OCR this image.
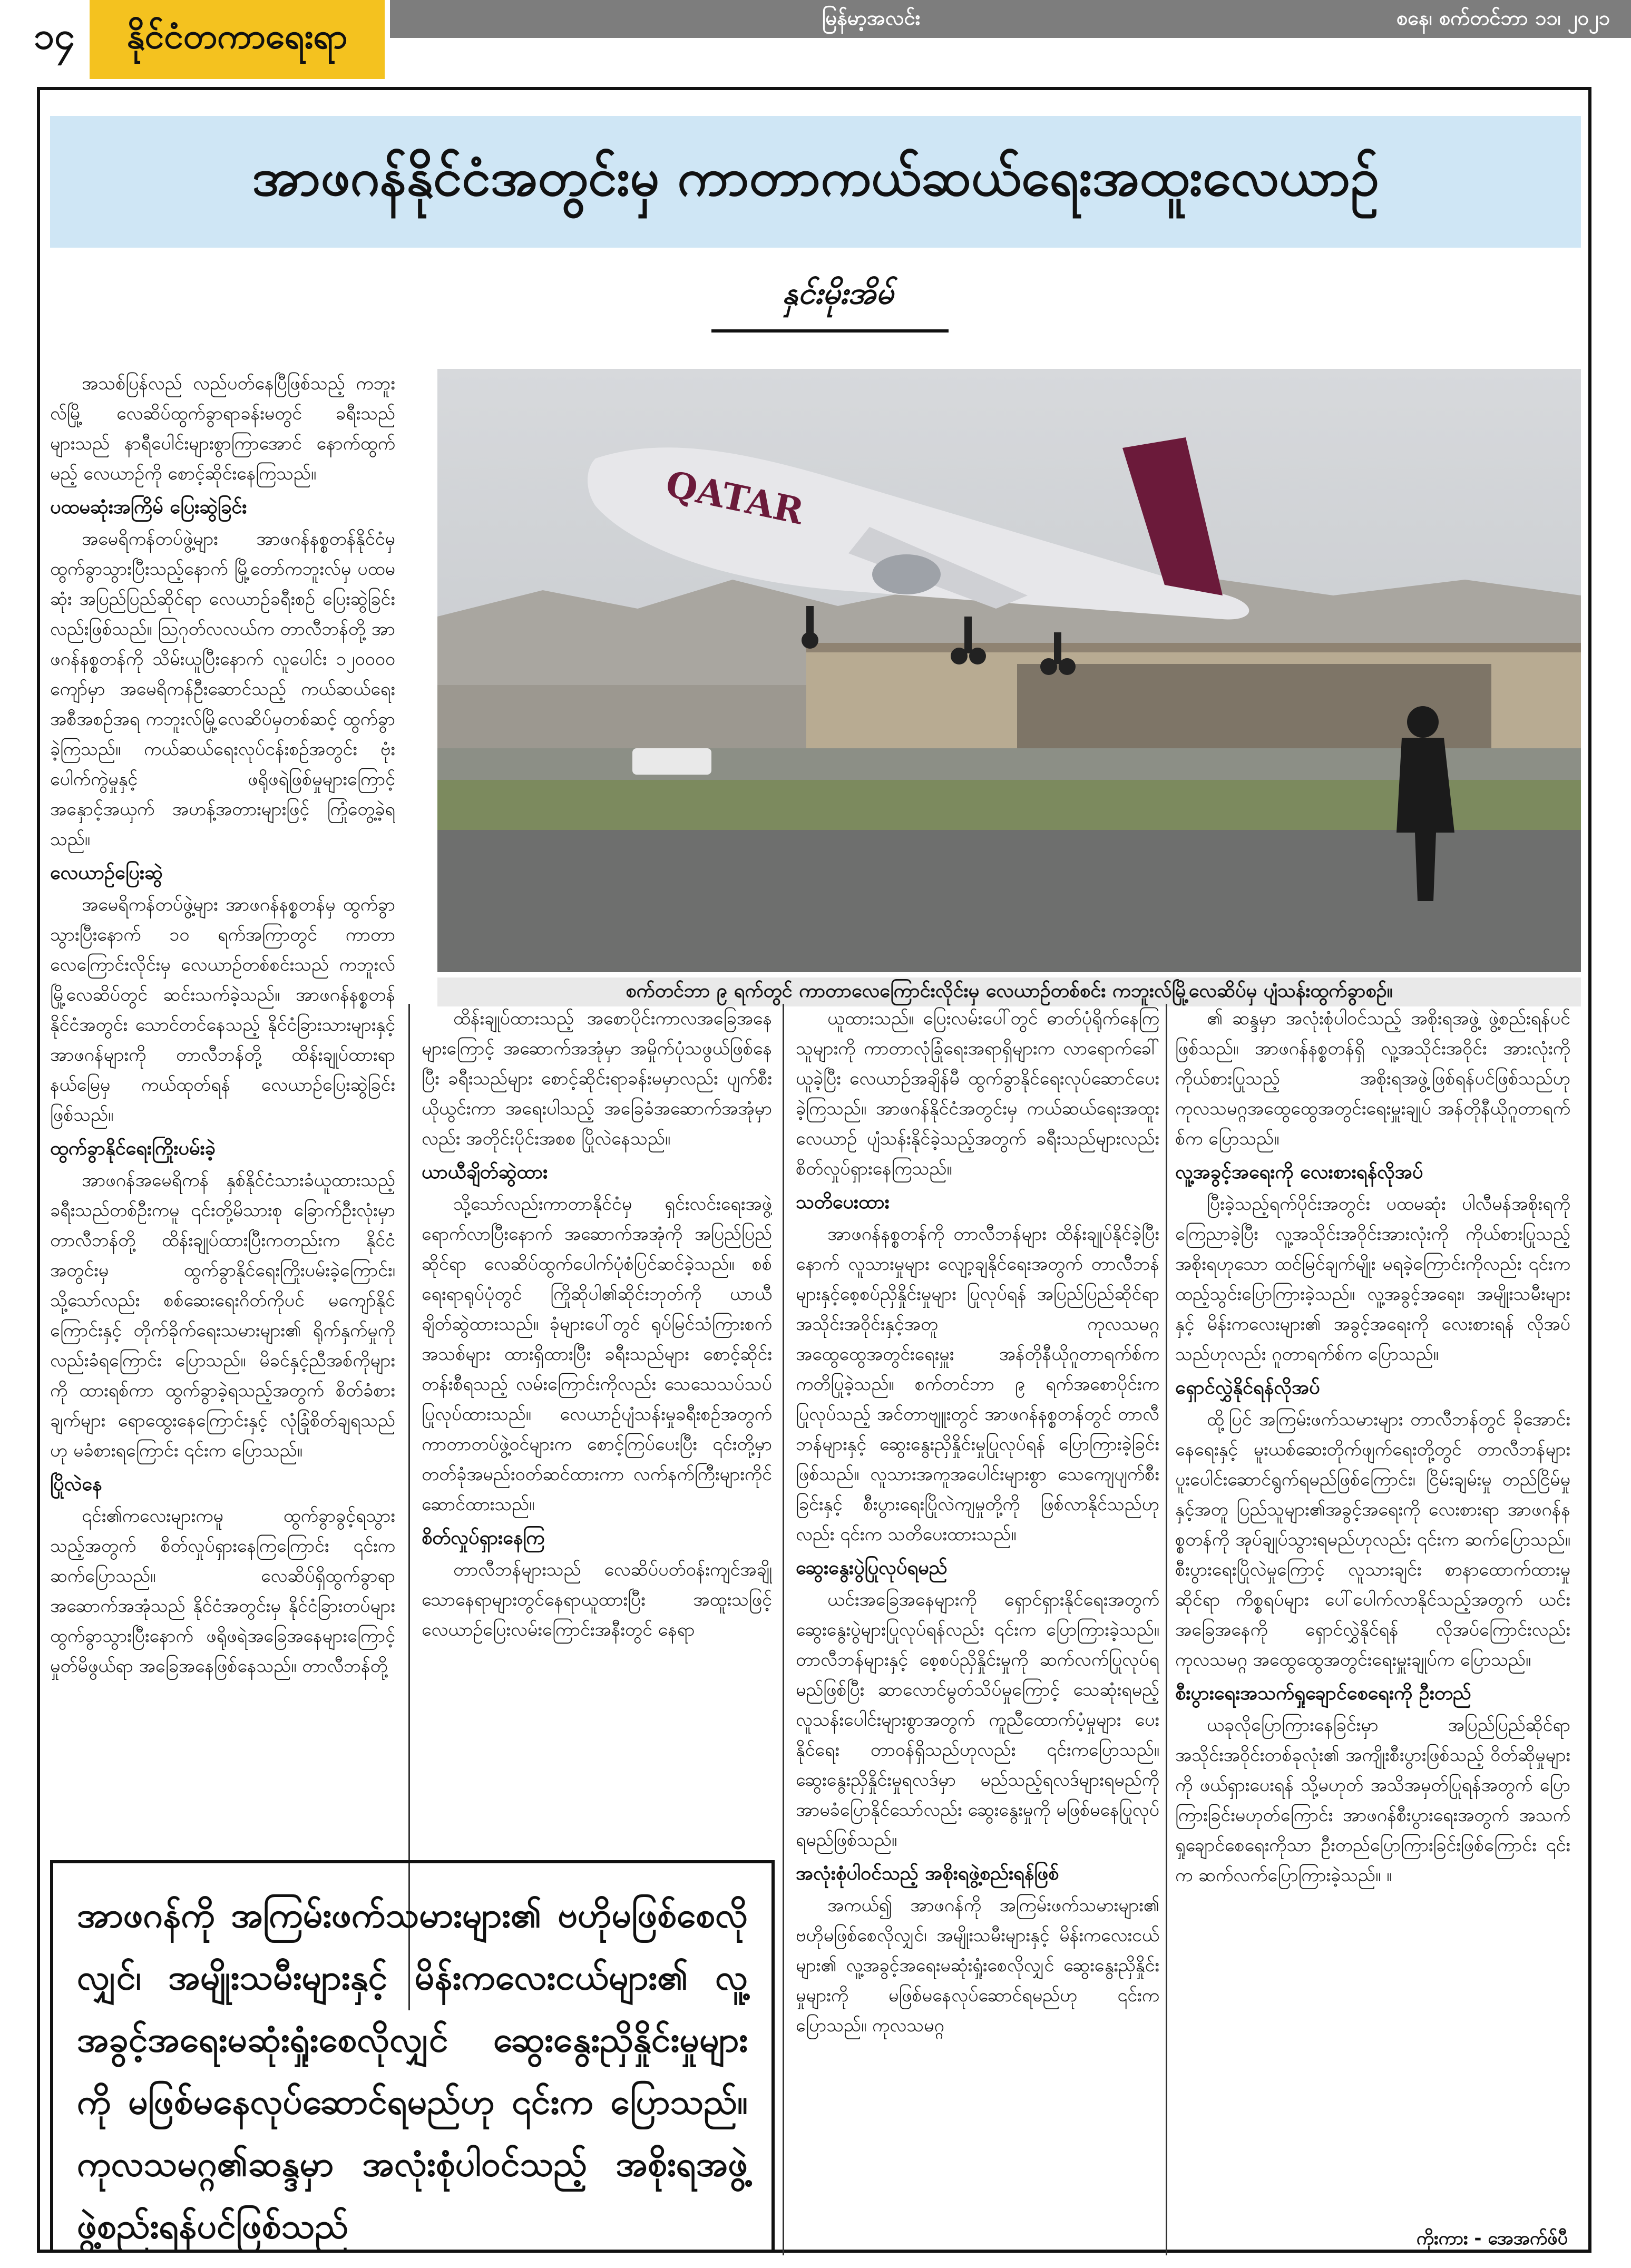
၁၄	နိုင်ငံတကာရေးရာ	မြန်မာ့အလင်း	စနေ၊ စက်တင်ဘာ ၁၁၊ ၂၀၂၁
အာဖဂန်နိုင်ငံအတွင်းမှ ကာတာကယ်ဆယ်ရေးအထူးလေယာဉ်
နှင်းမိုးအိမ်
QATAR
စက်တင်ဘာ ၉ ရက်တွင် ကာတာလေကြောင်းလိုင်းမှ လေယာဉ်တစ်စင်း ကဘူးလ်မြို့လေဆိပ်မှ ပျံသန်းထွက်ခွာစဉ်။

အသစ်ပြန်လည် လည်ပတ်နေပြီဖြစ်သည့် ကဘူးလ်မြို့ လေဆိပ်ထွက်ခွာရာခန်းမတွင် ခရီးသည်များသည် နာရီပေါင်းများစွာကြာအောင် နောက်ထွက်မည့် လေယာဉ်ကို စောင့်ဆိုင်းနေကြသည်။

ပထမဆုံးအကြိမ် ပြေးဆွဲခြင်း

အမေရိကန်တပ်ဖွဲ့များ အာဖဂန်နစ္စတန်နိုင်ငံမှ ထွက်ခွာသွားပြီးသည့်နောက် မြို့တော်ကဘူးလ်မှ ပထမဆုံး အပြည်ပြည်ဆိုင်ရာ လေယာဉ်ခရီးစဉ် ပြေးဆွဲခြင်းလည်းဖြစ်သည်။ ဩဂုတ်လလယ်က တာလီဘန်တို့ အာဖဂန်နစ္စတန်ကို သိမ်းယူပြီးနောက် လူပေါင်း ၁၂၀၀၀၀ ကျော်မှာ အမေရိကန်ဦးဆောင်သည့် ကယ်ဆယ်ရေးအစီအစဉ်အရ ကဘူးလ်မြို့လေဆိပ်မှတစ်ဆင့် ထွက်ခွာခဲ့ကြသည်။ ကယ်ဆယ်ရေးလုပ်ငန်းစဉ်အတွင်း ဗုံးပေါက်ကွဲမှုနှင့် ဖရိုဖရဲဖြစ်မှုများကြောင့် အနှောင့်အယှက် အဟန့်အတားများဖြင့် ကြုံတွေ့ခဲ့ရသည်။

လေယာဉ်ပြေးဆွဲ

အမေရိကန်တပ်ဖွဲ့များ အာဖဂန်နစ္စတန်မှ ထွက်ခွာသွားပြီးနောက် ၁၀ ရက်အကြာတွင် ကာတာလေကြောင်းလိုင်းမှ လေယာဉ်တစ်စင်းသည် ကဘူးလ်မြို့လေဆိပ်တွင် ဆင်းသက်ခဲ့သည်။ အာဖဂန်နစ္စတန် နိုင်ငံအတွင်း သောင်တင်နေသည့် နိုင်ငံခြားသားများနှင့် အာဖဂန်များကို တာလီဘန်တို့ ထိန်းချုပ်ထားရာနယ်မြေမှ ကယ်ထုတ်ရန် လေယာဉ်ပြေးဆွဲခြင်းဖြစ်သည်။

ထွက်ခွာနိုင်ရေးကြိုးပမ်းခဲ့

အာဖဂန်အမေရိကန် နှစ်နိုင်ငံသားခံယူထားသည့် ခရီးသည်တစ်ဦးကမူ ၎င်းတို့မိသားစု ခြောက်ဦးလုံးမှာ တာလီဘန်တို့ ထိန်းချုပ်ထားပြီးကတည်းက နိုင်ငံအတွင်းမှ ထွက်ခွာနိုင်ရေးကြိုးပမ်းခဲ့ကြောင်း၊ သို့သော်လည်း စစ်ဆေးရေးဂိတ်ကိုပင် မကျော်နိုင်ကြောင်းနှင့် တိုက်ခိုက်ရေးသမားများ၏ ရိုက်နှက်မှုကိုလည်းခံရကြောင်း ပြောသည်။ မိခင်နှင့်ညီအစ်ကိုများကို ထားရစ်ကာ ထွက်ခွာခဲ့ရသည့်အတွက် စိတ်ခံစားချက်များ ရောထွေးနေကြောင်းနှင့် လုံခြုံစိတ်ချရသည်ဟု မခံစားရကြောင်း ၎င်းက ပြောသည်။

ပြိုလဲနေ

၎င်း၏ကလေးများကမူ ထွက်ခွာခွင့်ရသွားသည့်အတွက် စိတ်လှုပ်ရှားနေကြကြောင်း ၎င်းက ဆက်ပြောသည်။ လေဆိပ်ရှိထွက်ခွာရာအဆောက်အအုံသည် နိုင်ငံအတွင်းမှ နိုင်ငံခြားတပ်များ ထွက်ခွာသွားပြီးနောက် ဖရိုဖရဲအခြေအနေများကြောင့် မှုတ်မိဖွယ်ရာ အခြေအနေဖြစ်နေသည်။ တာလီဘန်တို့

ထိန်းချုပ်ထားသည့် အစောပိုင်းကာလအခြေအနေများကြောင့် အဆောက်အအုံမှာ အမှိုက်ပုံသဖွယ်ဖြစ်နေပြီး ခရီးသည်များ စောင့်ဆိုင်းရာခန်းမမှာလည်း ပျက်စီးယိုယွင်းကာ အရေးပါသည့် အခြေခံအဆောက်အအုံမှာလည်း အတိုင်းပိုင်းအစစ ပြိုလဲနေသည်။

ယာယီချိတ်ဆွဲထား

သို့သော်လည်းကာတာနိုင်ငံမှ ရှင်းလင်းရေးအဖွဲ့ ရောက်လာပြီးနောက် အဆောက်အအုံကို အပြည်ပြည်ဆိုင်ရာ လေဆိပ်ထွက်ပေါက်ပုံစံပြင်ဆင်ခဲ့သည်။ စစ်ရေးရာရုပ်ပုံတွင် ကြိုဆိုပါ၏ဆိုင်းဘုတ်ကို ယာယီချိတ်ဆွဲထားသည်။ ခုံများပေါ်တွင် ရုပ်မြင်သံကြားစက်အသစ်များ ထားရှိထားပြီး ခရီးသည်များ စောင့်ဆိုင်းတန်းစီရသည့် လမ်းကြောင်းကိုလည်း သေသေသပ်သပ် ပြုလုပ်ထားသည်။ လေယာဉ်ပျံသန်းမှုခရီးစဉ်အတွက် ကာတာတပ်ဖွဲ့ဝင်များက စောင့်ကြပ်ပေးပြီး ၎င်းတို့မှာ တတ်ခုံအမည်းဝတ်ဆင်ထားကာ လက်နက်ကြီးများကိုင်ဆောင်ထားသည်။

စိတ်လှုပ်ရှားနေကြ

တာလီဘန်များသည် လေဆိပ်ပတ်ဝန်းကျင်အချို့သောနေရာများတွင်နေရာယူထားပြီး အထူးသဖြင့် လေယာဉ်ပြေးလမ်းကြောင်းအနီးတွင် နေရာ

ယူထားသည်။ ပြေးလမ်းပေါ်တွင် ဓာတ်ပုံရိုက်နေကြသူများကို ကာတာလုံခြုံရေးအရာရှိများက လာရောက်ခေါ်ယူခဲ့ပြီး လေယာဉ်အချိန်မီ ထွက်ခွာနိုင်ရေးလုပ်ဆောင်ပေးခဲ့ကြသည်။ အာဖဂန်နိုင်ငံအတွင်းမှ ကယ်ဆယ်ရေးအထူးလေယာဉ် ပျံသန်းနိုင်ခဲ့သည့်အတွက် ခရီးသည်များလည်းစိတ်လှုပ်ရှားနေကြသည်။

သတိပေးထား

အာဖဂန်နစ္စတန်ကို တာလီဘန်များ ထိန်းချုပ်နိုင်ခဲ့ပြီးနောက် လူသားမှုများ လျော့ချနိုင်ရေးအတွက် တာလီဘန်များနှင့်စေ့စပ်ညှိနှိုင်းမှုများ ပြုလုပ်ရန် အပြည်ပြည်ဆိုင်ရာအသိုင်းအဝိုင်းနှင့်အတူ ကုလသမဂ္ဂ အထွေထွေအတွင်းရေးမှူး အန်တိုနီယိုဂူတာရက်စ်က ကတိပြုခဲ့သည်။ စက်တင်ဘာ ၉ ရက်အစောပိုင်းက ပြုလုပ်သည့် အင်တာဗျူးတွင် အာဖဂန်နစ္စတန်တွင် တာလီဘန်များနှင့် ဆွေးနွေးညှိနှိုင်းမှုပြုလုပ်ရန် ပြောကြားခဲ့ခြင်းဖြစ်သည်။ လူသားအကူအပေါင်းများစွာ သေကျေပျက်စီးခြင်းနှင့် စီးပွားရေးပြိုလဲကျမှုတို့ကို ဖြစ်လာနိုင်သည်ဟုလည်း ၎င်းက သတိပေးထားသည်။

ဆွေးနွေးပွဲပြုလုပ်ရမည်

ယင်းအခြေအနေများကို ရှောင်ရှားနိုင်ရေးအတွက် ဆွေးနွေးပွဲများပြုလုပ်ရန်လည်း ၎င်းက ပြောကြားခဲ့သည်။ တာလီဘန်များနှင့် စေ့စပ်ညှိနှိုင်းမှုကို ဆက်လက်ပြုလုပ်ရမည်ဖြစ်ပြီး ဆာလောင်မွတ်သိပ်မှုကြောင့် သေဆုံးရမည့် လူသန်းပေါင်းများစွာအတွက် ကူညီထောက်ပံ့မှုများ ပေးနိုင်ရေး တာဝန်ရှိသည်ဟုလည်း ၎င်းကပြောသည်။ ဆွေးနွေးညှိနှိုင်းမှုရလဒ်မှာ မည်သည့်ရလဒ်များရမည်ကို အာမခံပြောနိုင်သော်လည်း ဆွေးနွေးမှုကို မဖြစ်မနေပြုလုပ်ရမည်ဖြစ်သည်။

အလုံးစုံပါဝင်သည့် အစိုးရဖွဲ့စည်းရန်ဖြစ်

အကယ်၍ အာဖဂန်ကို အကြမ်းဖက်သမားများ၏ ဗဟိုမဖြစ်စေလိုလျှင်၊ အမျိုးသမီးများနှင့် မိန်းကလေးငယ်များ၏ လူ့အခွင့်အရေးမဆုံးရှုံးစေလိုလျှင် ဆွေးနွေးညှိနှိုင်းမှုများကို မဖြစ်မနေလုပ်ဆောင်ရမည်ဟု ၎င်းက ပြောသည်။ ကုလသမဂ္ဂ

၏ ဆန္ဒမှာ အလုံးစုံပါဝင်သည့် အစိုးရအဖွဲ့ ဖွဲ့စည်းရန်ပင်ဖြစ်သည်။ အာဖဂန်နစ္စတန်ရှိ လူ့အသိုင်းအဝိုင်း အားလုံးကို ကိုယ်စားပြုသည့် အစိုးရအဖွဲ့ဖြစ်ရန်ပင်ဖြစ်သည်ဟု ကုလသမဂ္ဂအထွေထွေအတွင်းရေးမှူးချုပ် အန်တိုနီယိုဂူတာရက်စ်က ပြောသည်။

လူ့အခွင့်အရေးကို လေးစားရန်လိုအပ်

ပြီးခဲ့သည့်ရက်ပိုင်းအတွင်း ပထမဆုံး ပါလီမန်အစိုးရကိုကြေညာခဲ့ပြီး လူ့အသိုင်းအဝိုင်းအားလုံးကို ကိုယ်စားပြုသည့် အစိုးရဟုသော ထင်မြင်ချက်မျိုး မရခဲ့ကြောင်းကိုလည်း ၎င်းက ထည့်သွင်းပြောကြားခဲ့သည်။ လူ့အခွင့်အရေး၊ အမျိုးသမီးများနှင့် မိန်းကလေးများ၏ အခွင့်အရေးကို လေးစားရန် လိုအပ်သည်ဟုလည်း ဂူတာရက်စ်က ပြောသည်။

ရှောင်လွှဲနိုင်ရန်လိုအပ်

ထို့ပြင် အကြမ်းဖက်သမားများ တာလီဘန်တွင် ခိုအောင်းနေရေးနှင့် မူးယစ်ဆေးတိုက်ဖျက်ရေးတို့တွင် တာလီဘန်များ ပူးပေါင်းဆောင်ရွက်ရမည်ဖြစ်ကြောင်း၊ ငြိမ်းချမ်းမှု တည်ငြိမ်မှုနှင့်အတူ ပြည်သူများ၏အခွင့်အရေးကို လေးစားရာ အာဖဂန်နစ္စတန်ကို အုပ်ချုပ်သွားရမည်ဟုလည်း ၎င်းက ဆက်ပြောသည်။ စီးပွားရေးပြိုလဲမှုကြောင့် လူသားချင်း စာနာထောက်ထားမှုဆိုင်ရာ ကိစ္စရပ်များ ပေါ်ပေါက်လာနိုင်သည့်အတွက် ယင်းအခြေအနေကို ရှောင်လွှဲနိုင်ရန် လိုအပ်ကြောင်းလည်း ကုလသမဂ္ဂ အထွေထွေအတွင်းရေးမှူးချုပ်က ပြောသည်။

စီးပွားရေးအသက်ရှုချောင်စေရေးကို ဦးတည်

ယခုလိုပြောကြားနေခြင်းမှာ အပြည်ပြည်ဆိုင်ရာ အသိုင်းအဝိုင်းတစ်ခုလုံး၏ အကျိုးစီးပွားဖြစ်သည့် ဝိတ်ဆိုမှုများကို ဖယ်ရှားပေးရန် သို့မဟုတ် အသိအမှတ်ပြုရန်အတွက် ပြောကြားခြင်းမဟုတ်ကြောင်း အာဖဂန်စီးပွားရေးအတွက် အသက်ရှုချောင်စေရေးကိုသာ ဦးတည်ပြောကြားခြင်းဖြစ်ကြောင်း ၎င်းက ဆက်လက်ပြောကြားခဲ့သည်။ ။

အာဖဂန်ကို အကြမ်းဖက်သမားများ၏ ဗဟိုမဖြစ်စေလိုလျှင်၊ အမျိုးသမီးများနှင့် မိန်းကလေးငယ်များ၏ လူ့အခွင့်အရေးမဆုံးရှုံးစေလိုလျှင် ဆွေးနွေးညှိနှိုင်းမှုများကို မဖြစ်မနေလုပ်ဆောင်ရမည်ဟု ၎င်းက ပြောသည်။ ကုလသမဂ္ဂ၏ဆန္ဒမှာ အလုံးစုံပါဝင်သည့် အစိုးရအဖွဲ့ ဖွဲ့စည်းရန်ပင်ဖြစ်သည်	ကိုးကား - အေအက်ဖ်ပီ
